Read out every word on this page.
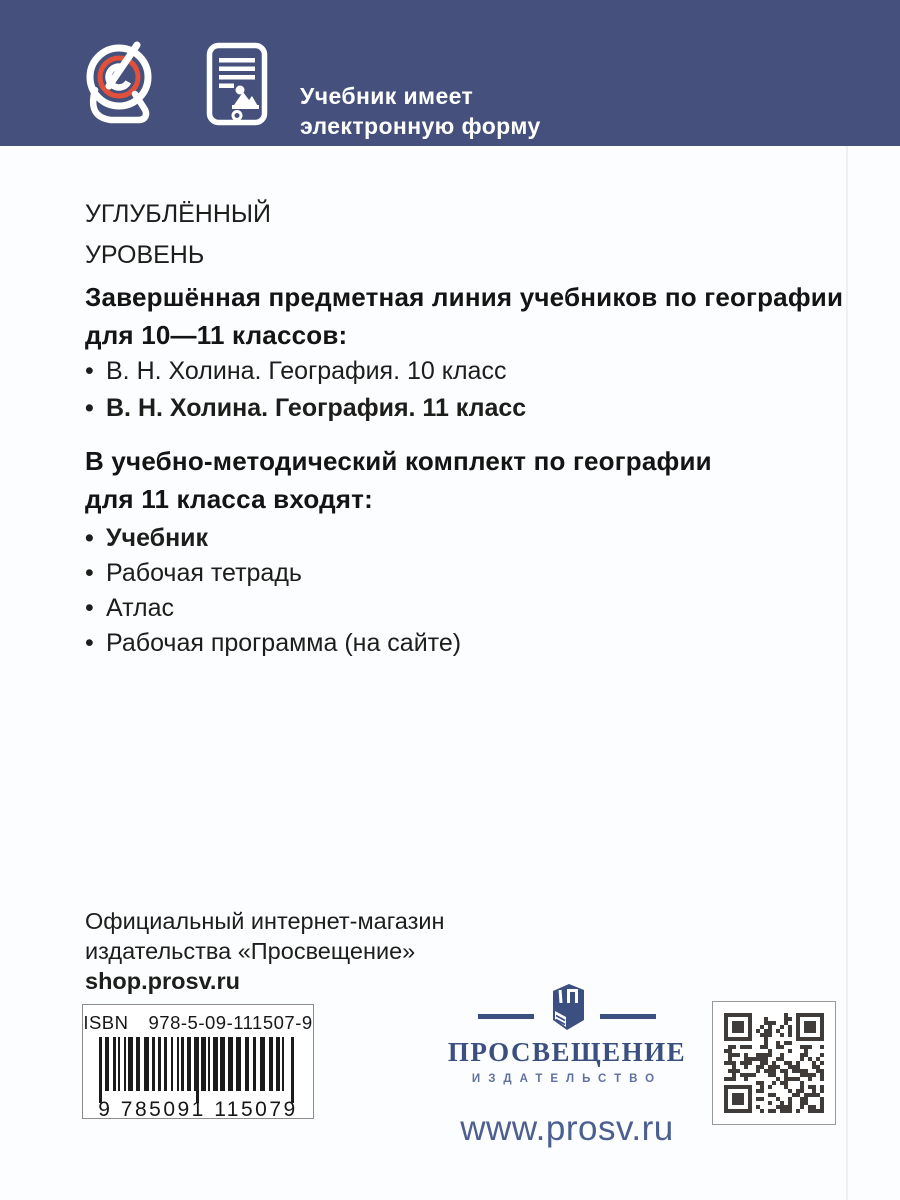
Учебник имеет
электронную форму
УГЛУБЛЁННЫЙ
УРОВЕНЬ
Завершённая предметная линия учебников по географии
для 10—11 классов:
•
В. Н. Холина. География. 10 класс
•
В. Н. Холина. География. 11 класс
В учебно-методический комплект по географии
для 11 класса входят:
•
Учебник
•
Рабочая тетрадь
•
Атлас
•
Рабочая программа (на сайте)
Официальный интернет-магазин
издательства «Просвещение»
shop.prosv.ru
ISBN 978-5-09-111507-9
9 785091 115079
ПРОСВЕЩЕНИЕ
ИЗДАТЕЛЬСТВО
www.prosv.ru
